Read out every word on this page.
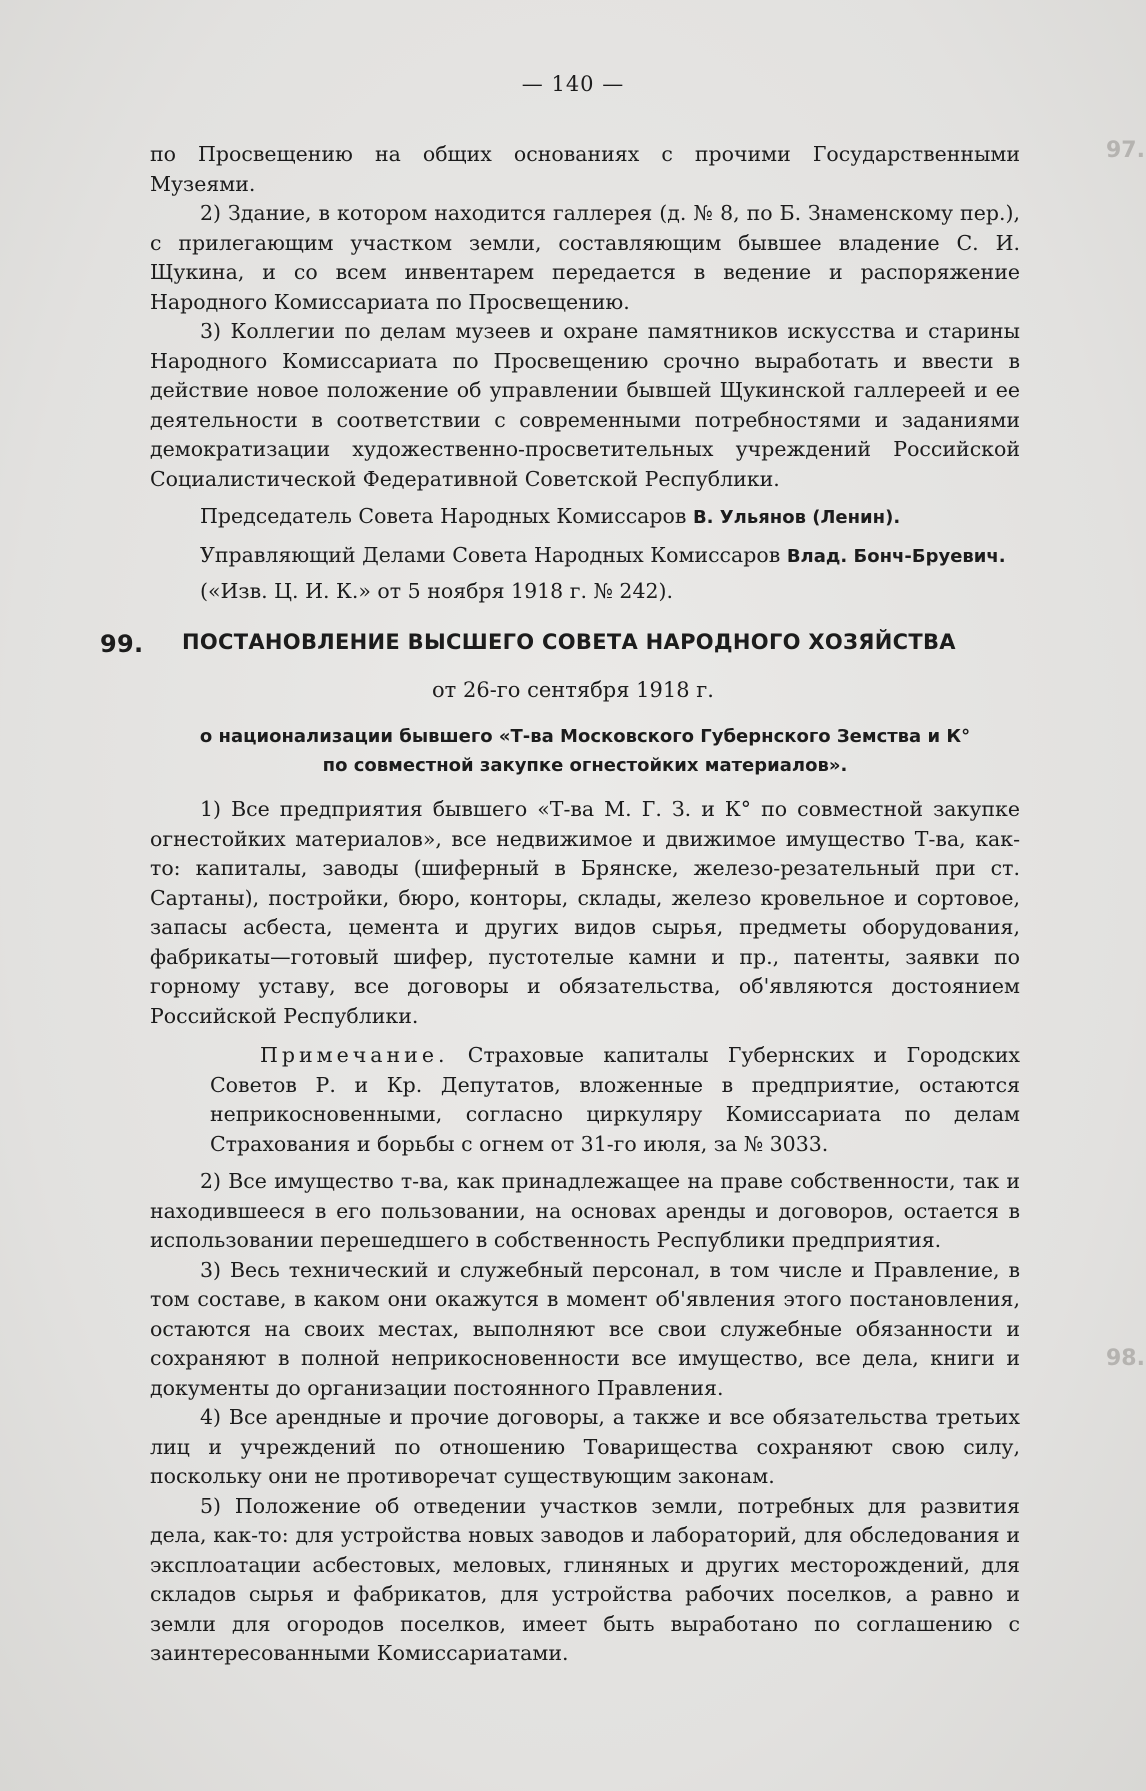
97.
98.
— 140 —

по Просвещению на общих основаниях с прочими Государственными Музеями.

2) Здание, в котором находится галлерея (д. № 8, по Б. Знаменскому пер.), с прилегающим участком земли, составляющим бывшее владение С. И. Щукина, и со всем инвентарем передается в ведение и распоряжение Народного Комиссариата по Просвещению.

3) Коллегии по делам музеев и охране памятников искусства и старины Народного Комиссариата по Просвещению срочно выработать и ввести в действие новое положение об управлении бывшей Щукинской галлереей и ее деятельности в соответствии с современными потребностями и заданиями демократизации художественно-просветительных учреждений Российской Социалистической Федеративной Советской Республики.

Председатель Совета Народных Комиссаров В. Ульянов (Ленин).

Управляющий Делами Совета Народных Комиссаров Влад. Бонч-Бруевич.

(«Изв. Ц. И. К.» от 5 ноября 1918 г. № 242).

99. ПОСТАНОВЛЕНИЕ ВЫСШЕГО СОВЕТА НАРОДНОГО ХОЗЯЙСТВА
от 26-го сентября 1918 г.
о национализации бывшего «Т-ва Московского Губернского Земства и К°
по совместной закупке огнестойких материалов».

1) Все предприятия бывшего «Т-ва М. Г. З. и К° по совместной закупке огнестойких материалов», все недвижимое и движимое имущество Т-ва, как-то: капиталы, заводы (шиферный в Брянске, железо-резательный при ст. Сартаны), постройки, бюро, конторы, склады, железо кровельное и сортовое, запасы асбеста, цемента и других видов сырья, предметы оборудования, фабрикаты—готовый шифер, пустотелые камни и пр., патенты, заявки по горному уставу, все договоры и обязательства, об'являются достоянием Российской Республики.

Примечание. Страховые капиталы Губернских и Городских Советов Р. и Кр. Депутатов, вложенные в предприятие, остаются неприкосновенными, согласно циркуляру Комиссариата по делам Страхования и борьбы с огнем от 31-го июля, за № 3033.

2) Все имущество т-ва, как принадлежащее на праве собственности, так и находившееся в его пользовании, на основах аренды и договоров, остается в использовании перешедшего в собственность Республики предприятия.

3) Весь технический и служебный персонал, в том числе и Правление, в том составе, в каком они окажутся в момент об'явления этого постановления, остаются на своих местах, выполняют все свои служебные обязанности и сохраняют в полной неприкосновенности все имущество, все дела, книги и документы до организации постоянного Правления.

4) Все арендные и прочие договоры, а также и все обязательства третьих лиц и учреждений по отношению Товарищества сохраняют свою силу, поскольку они не противоречат существующим законам.

5) Положение об отведении участков земли, потребных для развития дела, как-то: для устройства новых заводов и лабораторий, для обследования и эксплоатации асбестовых, меловых, глиняных и других месторождений, для складов сырья и фабрикатов, для устройства рабочих поселков, а равно и земли для огородов поселков, имеет быть выработано по соглашению с заинтересованными Комиссариатами.
